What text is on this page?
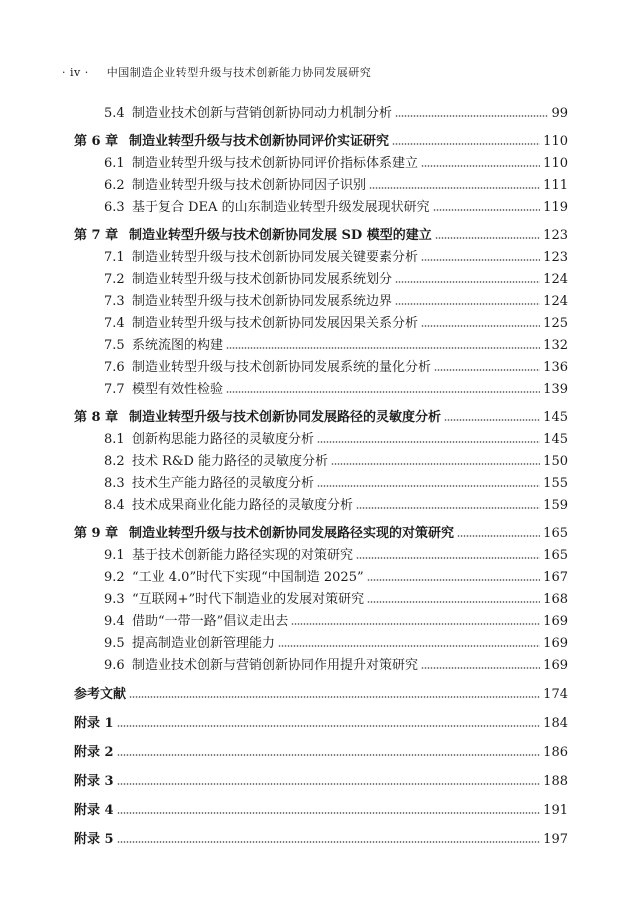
· iv · 中国制造企业转型升级与技术创新能力协同发展研究
5.4 制造业技术创新与营销创新协同动力机制分析	99
第 6 章 制造业转型升级与技术创新协同评价实证研究	110
6.1 制造业转型升级与技术创新协同评价指标体系建立	110
6.2 制造业转型升级与技术创新协同因子识别	111
6.3 基于复合 DEA 的山东制造业转型升级发展现状研究	119
第 7 章 制造业转型升级与技术创新协同发展 SD 模型的建立	123
7.1 制造业转型升级与技术创新协同发展关键要素分析	123
7.2 制造业转型升级与技术创新协同发展系统划分	124
7.3 制造业转型升级与技术创新协同发展系统边界	124
7.4 制造业转型升级与技术创新协同发展因果关系分析	125
7.5 系统流图的构建	132
7.6 制造业转型升级与技术创新协同发展系统的量化分析	136
7.7 模型有效性检验	139
第 8 章 制造业转型升级与技术创新协同发展路径的灵敏度分析	145
8.1 创新构思能力路径的灵敏度分析	145
8.2 技术 R&D 能力路径的灵敏度分析	150
8.3 技术生产能力路径的灵敏度分析	155
8.4 技术成果商业化能力路径的灵敏度分析	159
第 9 章 制造业转型升级与技术创新协同发展路径实现的对策研究	165
9.1 基于技术创新能力路径实现的对策研究	165
9.2 “工业 4.0”时代下实现“中国制造 2025”	167
9.3 “互联网+”时代下制造业的发展对策研究	168
9.4 借助“一带一路”倡议走出去	169
9.5 提高制造业创新管理能力	169
9.6 制造业技术创新与营销创新协同作用提升对策研究	169
参考文献	174
附录 1	184
附录 2	186
附录 3	188
附录 4	191
附录 5	197
